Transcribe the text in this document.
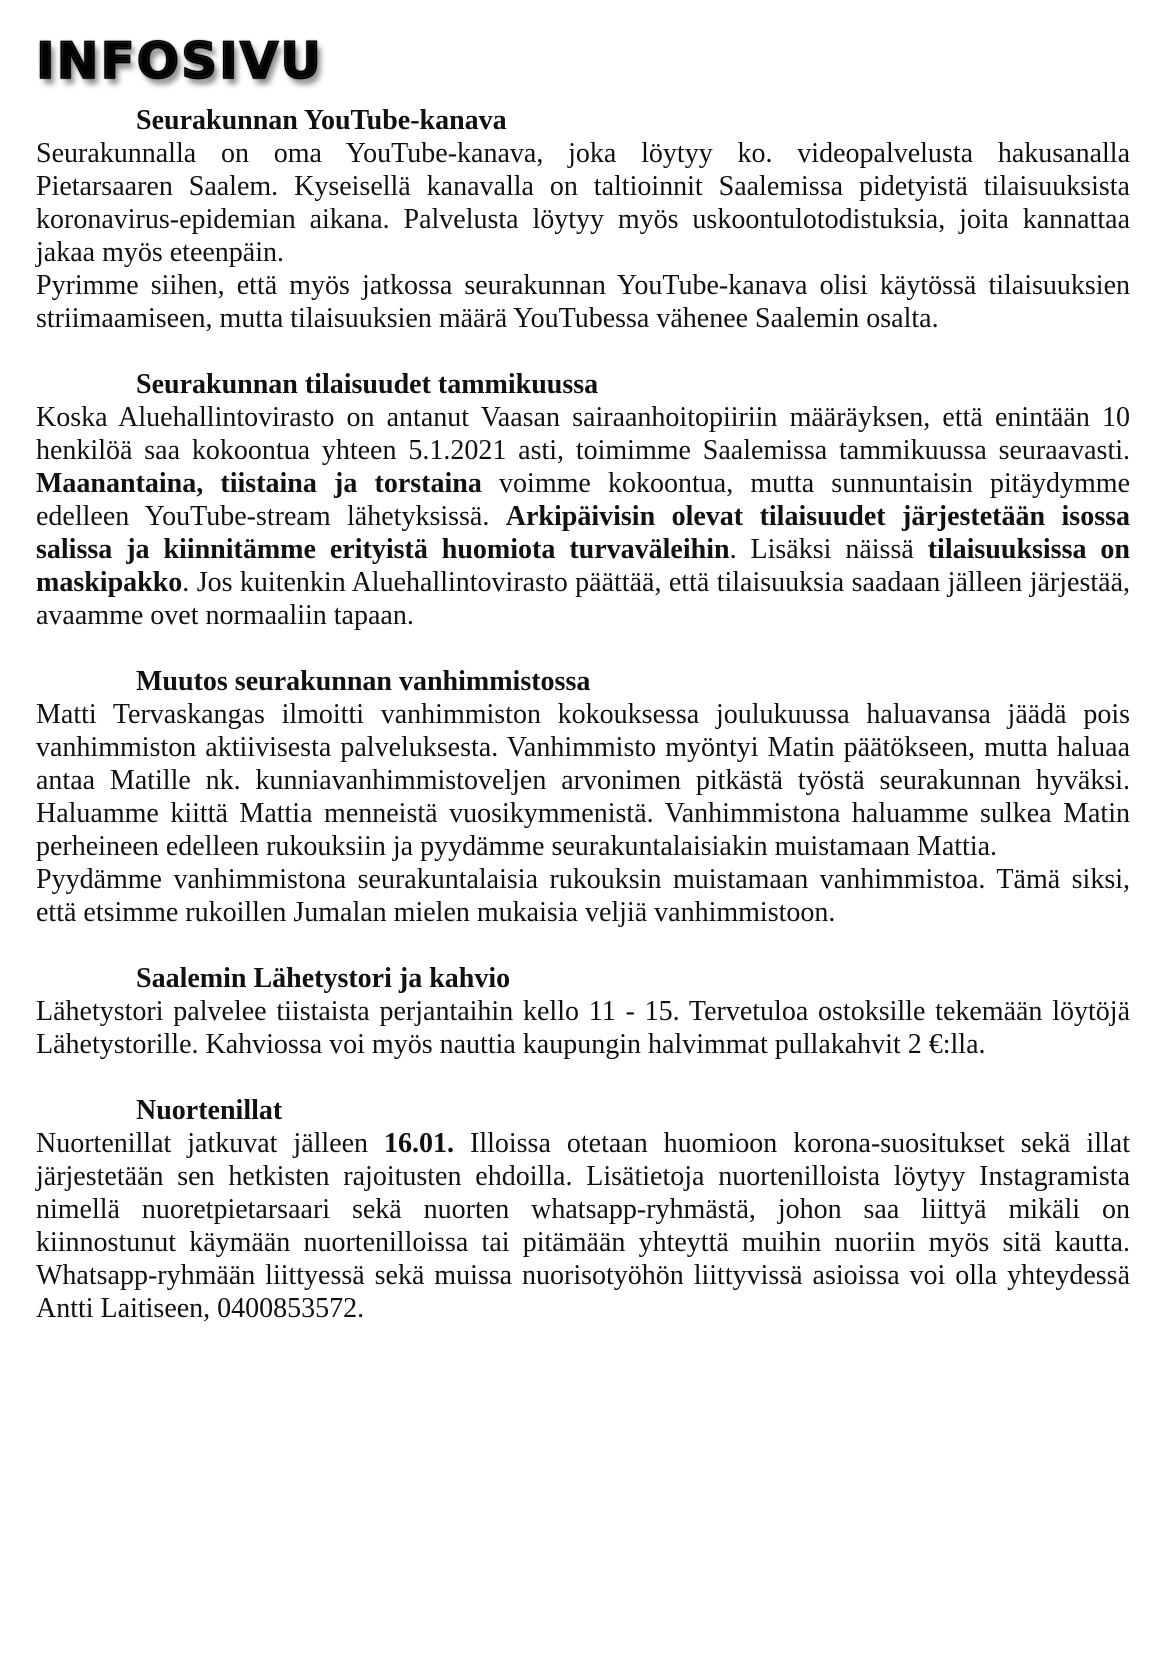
INFOSIVU
Seurakunnan YouTube-kanava

Seurakunnalla on oma YouTube-kanava, joka löytyy ko. videopalvelusta hakusanalla Pietarsaaren Saalem. Kyseisellä kanavalla on taltioinnit Saalemissa pidetyistä tilaisuuksista koronavirus-epidemian aikana. Palvelusta löytyy myös uskoontulotodistuksia, joita kannattaa jakaa myös eteenpäin.

Pyrimme siihen, että myös jatkossa seurakunnan YouTube-kanava olisi käytössä tilaisuuksien striimaamiseen, mutta tilaisuuksien määrä YouTubessa vähenee Saalemin osalta.

Seurakunnan tilaisuudet tammikuussa

Koska Aluehallintovirasto on antanut Vaasan sairaanhoitopiiriin määräyksen, että enintään 10 henkilöä saa kokoontua yhteen 5.1.2021 asti, toimimme Saalemissa tammikuussa seuraavasti. Maanantaina, tiistaina ja torstaina voimme kokoontua, mutta sunnuntaisin pitäydymme edelleen YouTube-stream lähetyksissä. Arkipäivisin olevat tilaisuudet järjestetään isossa salissa ja kiinnitämme erityistä huomiota turvaväleihin. Lisäksi näissä tilaisuuksissa on maskipakko. Jos kuitenkin Aluehallintovirasto päättää, että tilaisuuksia saadaan jälleen järjestää, avaamme ovet normaaliin tapaan.

Muutos seurakunnan vanhimmistossa

Matti Tervaskangas ilmoitti vanhimmiston kokouksessa joulukuussa haluavansa jäädä pois vanhimmiston aktiivisesta palveluksesta. Vanhimmisto myöntyi Matin päätökseen, mutta haluaa antaa Matille nk. kunniavanhimmistoveljen arvonimen pitkästä työstä seurakunnan hyväksi. Haluamme kiittä Mattia menneistä vuosikymmenistä. Vanhimmistona haluamme sulkea Matin perheineen edelleen rukouksiin ja pyydämme seurakuntalaisiakin muistamaan Mattia.

Pyydämme vanhimmistona seurakuntalaisia rukouksin muistamaan vanhimmistoa. Tämä siksi, että etsimme rukoillen Jumalan mielen mukaisia veljiä vanhimmistoon.

Saalemin Lähetystori ja kahvio

Lähetystori palvelee tiistaista perjantaihin kello 11 - 15. Tervetuloa ostoksille tekemään löytöjä Lähetystorille. Kahviossa voi myös nauttia kaupungin halvimmat pullakahvit 2 €:lla.

Nuortenillat

Nuortenillat jatkuvat jälleen 16.01. Illoissa otetaan huomioon korona-suositukset sekä illat järjestetään sen hetkisten rajoitusten ehdoilla. Lisätietoja nuortenilloista löytyy Instagramista nimellä nuoretpietarsaari sekä nuorten whatsapp-ryhmästä, johon saa liittyä mikäli on kiinnostunut käymään nuortenilloissa tai pitämään yhteyttä muihin nuoriin myös sitä kautta. Whatsapp-ryhmään liittyessä sekä muissa nuorisotyöhön liittyvissä asioissa voi olla yhteydessä Antti Laitiseen, 0400853572.
